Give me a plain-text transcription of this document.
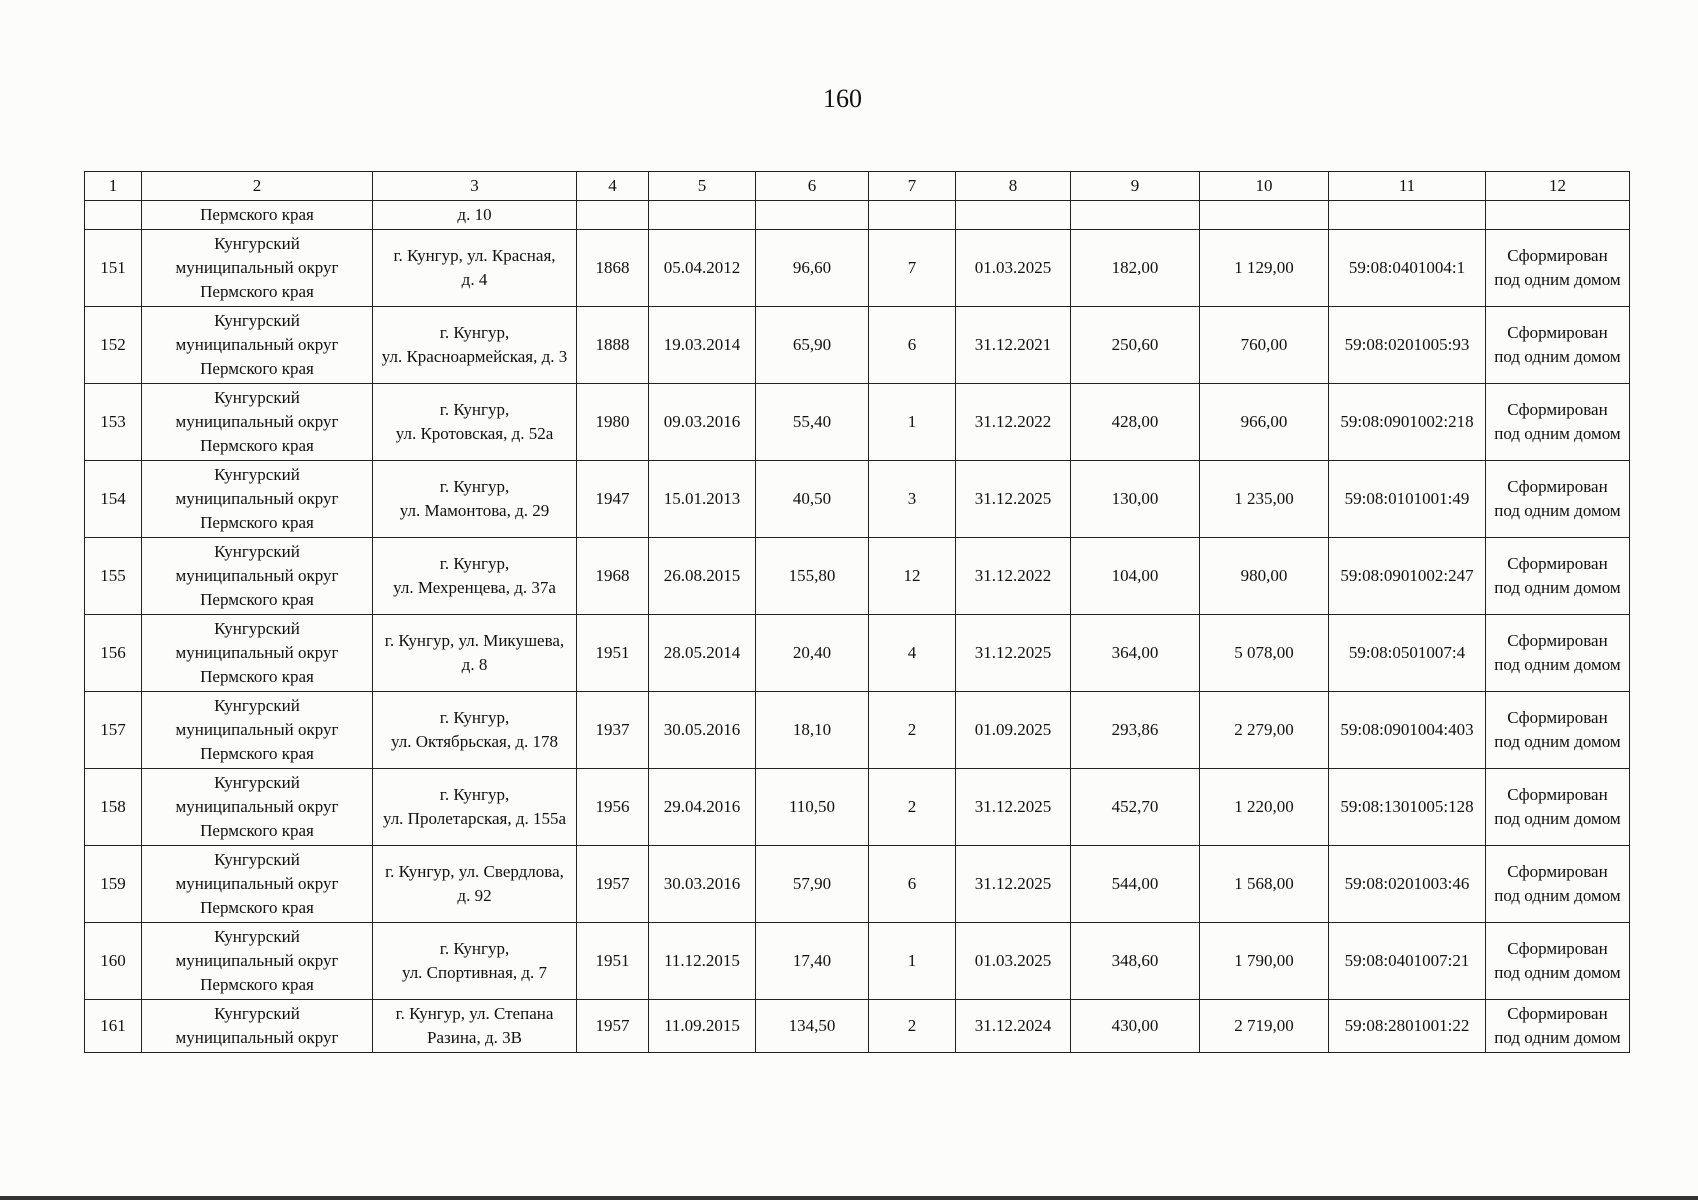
160
1	2	3	4	5	6	7	8	9	10	11	12
	Пермского края	д. 10									
151	Кунгурский
муниципальный округ
Пермского края	г. Кунгур, ул. Красная,
д. 4	1868	05.04.2012	96,60	7	01.03.2025	182,00	1 129,00	59:08:0401004:1	Сформирован
под одним домом

152	Кунгурский
муниципальный округ
Пермского края	г. Кунгур,
ул. Красноармейская, д. 3	1888	19.03.2014	65,90	6	31.12.2021	250,60	760,00	59:08:0201005:93	Сформирован
под одним домом

153	Кунгурский
муниципальный округ
Пермского края	г. Кунгур,
ул. Кротовская, д. 52а	1980	09.03.2016	55,40	1	31.12.2022	428,00	966,00	59:08:0901002:218	Сформирован
под одним домом

154	Кунгурский
муниципальный округ
Пермского края	г. Кунгур,
ул. Мамонтова, д. 29	1947	15.01.2013	40,50	3	31.12.2025	130,00	1 235,00	59:08:0101001:49	Сформирован
под одним домом

155	Кунгурский
муниципальный округ
Пермского края	г. Кунгур,
ул. Мехренцева, д. 37а	1968	26.08.2015	155,80	12	31.12.2022	104,00	980,00	59:08:0901002:247	Сформирован
под одним домом

156	Кунгурский
муниципальный округ
Пермского края	г. Кунгур, ул. Микушева,
д. 8	1951	28.05.2014	20,40	4	31.12.2025	364,00	5 078,00	59:08:0501007:4	Сформирован
под одним домом

157	Кунгурский
муниципальный округ
Пермского края	г. Кунгур,
ул. Октябрьская, д. 178	1937	30.05.2016	18,10	2	01.09.2025	293,86	2 279,00	59:08:0901004:403	Сформирован
под одним домом

158	Кунгурский
муниципальный округ
Пермского края	г. Кунгур,
ул. Пролетарская, д. 155а	1956	29.04.2016	110,50	2	31.12.2025	452,70	1 220,00	59:08:1301005:128	Сформирован
под одним домом

159	Кунгурский
муниципальный округ
Пермского края	г. Кунгур, ул. Свердлова,
д. 92	1957	30.03.2016	57,90	6	31.12.2025	544,00	1 568,00	59:08:0201003:46	Сформирован
под одним домом

160	Кунгурский
муниципальный округ
Пермского края	г. Кунгур,
ул. Спортивная, д. 7	1951	11.12.2015	17,40	1	01.03.2025	348,60	1 790,00	59:08:0401007:21	Сформирован
под одним домом

161	Кунгурский
муниципальный округ	г. Кунгур, ул. Степана
Разина, д. 3В	1957	11.09.2015	134,50	2	31.12.2024	430,00	2 719,00	59:08:2801001:22	Сформирован
под одним домом
